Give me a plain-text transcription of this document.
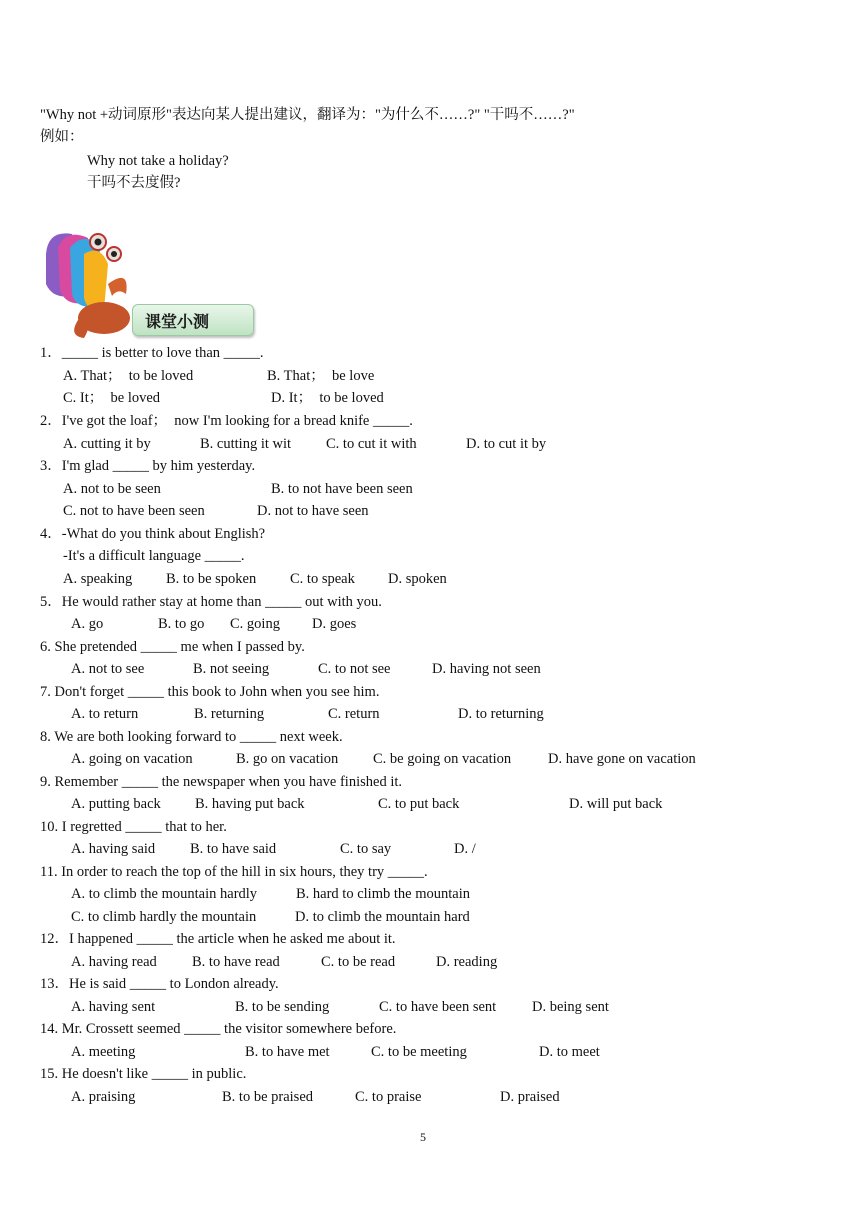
"Why not +动词原形"表达向某人提出建议，翻译为："为什么不……?" "干吗不……?"
例如：
Why not take a holiday?
干吗不去度假?
课堂小测
1．_____ is better to love than _____.
A. That；  to be loved	B. That；  be love
C. It；  be loved	D. It；  to be loved
2．I've got the loaf；  now I'm looking for a bread knife _____.
A. cutting it by	B. cutting it wit C. to cut it with	D. to cut it by
3．I'm glad _____ by him yesterday.
A. not to be seen	B. to not have been seen
C. not to have been seen	D. not to have seen
4．-What do you think about English?
-It's a difficult language _____.
A. speaking B. to be spoken C. to speak D. spoken
5．He would rather stay at home than _____ out with you.
A. go	B. to go C. going D. goes
6. She pretended _____ me when I passed by.
A. not to see	B. not seeing	C. to not see	D. having not seen
7. Don't forget _____ this book to John when you see him.
A. to return	B. returning	C. return	D. to returning
8. We are both looking forward to _____ next week.
A. going on vacation	B. go on vacation C. be going on vacation	D. have gone on vacation
9. Remember _____ the newspaper when you have finished it.
A. putting back B. having put back	C. to put back	D. will put back
10. I regretted _____ that to her.
A. having said B. to have said	C. to say	D. /
11. In order to reach the top of the hill in six hours, they try _____.
A. to climb the mountain hardly	B. hard to climb the mountain
C. to climb hardly the mountain	D. to climb the mountain hard
12．I happened _____ the article when he asked me about it.
A. having read B. to have read	C. to be read	D. reading
13．He is said _____ to London already.
A. having sent	B. to be sending	C. to have been sent D. being sent
14. Mr. Crossett seemed _____ the visitor somewhere before.
A. meeting	B. to have met	C. to be meeting	D. to meet
15. He doesn't like _____ in public.
A. praising	B. to be praised	C. to praise	D. praised
5
